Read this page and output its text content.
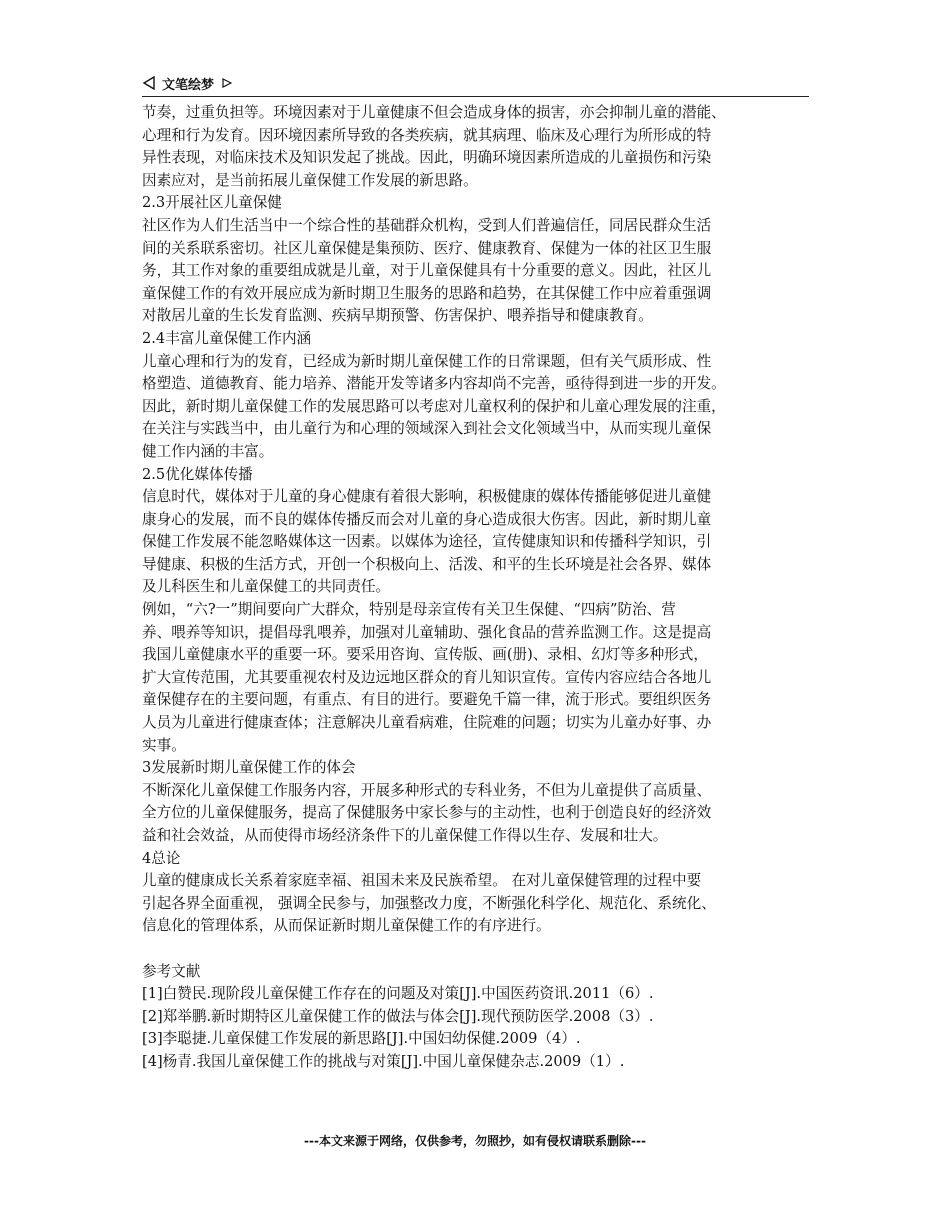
文笔绘梦
节奏，过重负担等。环境因素对于儿童健康不但会造成身体的损害，亦会抑制儿童的潜能、
心理和行为发育。因环境因素所导致的各类疾病，就其病理、临床及心理行为所形成的特
异性表现，对临床技术及知识发起了挑战。因此，明确环境因素所造成的儿童损伤和污染
因素应对，是当前拓展儿童保健工作发展的新思路。
2.3开展社区儿童保健
社区作为人们生活当中一个综合性的基础群众机构，受到人们普遍信任，同居民群众生活
间的关系联系密切。社区儿童保健是集预防、医疗、健康教育、保健为一体的社区卫生服
务，其工作对象的重要组成就是儿童，对于儿童保健具有十分重要的意义。因此，社区儿
童保健工作的有效开展应成为新时期卫生服务的思路和趋势，在其保健工作中应着重强调
对散居儿童的生长发育监测、疾病早期预警、伤害保护、喂养指导和健康教育。
2.4丰富儿童保健工作内涵
儿童心理和行为的发育，已经成为新时期儿童保健工作的日常课题，但有关气质形成、性
格塑造、道德教育、能力培养、潜能开发等诸多内容却尚不完善，亟待得到进一步的开发。
因此，新时期儿童保健工作的发展思路可以考虑对儿童权利的保护和儿童心理发展的注重，
在关注与实践当中，由儿童行为和心理的领域深入到社会文化领域当中，从而实现儿童保
健工作内涵的丰富。
2.5优化媒体传播
信息时代，媒体对于儿童的身心健康有着很大影响，积极健康的媒体传播能够促进儿童健
康身心的发展，而不良的媒体传播反而会对儿童的身心造成很大伤害。因此，新时期儿童
保健工作发展不能忽略媒体这一因素。以媒体为途径，宣传健康知识和传播科学知识，引
导健康、积极的生活方式，开创一个积极向上、活泼、和平的生长环境是社会各界、媒体
及儿科医生和儿童保健工的共同责任。
例如，“六?一”期间要向广大群众，特别是母亲宣传有关卫生保健、“四病”防治、营
养、喂养等知识，提倡母乳喂养，加强对儿童辅助、强化食品的营养监测工作。这是提高
我国儿童健康水平的重要一环。要采用咨询、宣传版、画(册)、录相、幻灯等多种形式，
扩大宣传范围，尤其要重视农村及边远地区群众的育儿知识宣传。宣传内容应结合各地儿
童保健存在的主要问题，有重点、有目的进行。要避免千篇一律，流于形式。要组织医务
人员为儿童进行健康查体；注意解决儿童看病难，住院难的问题；切实为儿童办好事、办
实事。
3发展新时期儿童保健工作的体会
不断深化儿童保健工作服务内容，开展多种形式的专科业务，不但为儿童提供了高质量、
全方位的儿童保健服务，提高了保健服务中家长参与的主动性，也利于创造良好的经济效
益和社会效益，从而使得市场经济条件下的儿童保健工作得以生存、发展和壮大。
4总论
儿童的健康成长关系着家庭幸福、祖国未来及民族希望。 在对儿童保健管理的过程中要
引起各界全面重视， 强调全民参与，加强整改力度，不断强化科学化、规范化、系统化、
信息化的管理体系，从而保证新时期儿童保健工作的有序进行。
参考文献
[1]白赞民.现阶段儿童保健工作存在的问题及对策[J].中国医药资讯.2011（6）.
[2]郑举鹏.新时期特区儿童保健工作的做法与体会[J].现代预防医学.2008（3）.
[3]李聪捷.儿童保健工作发展的新思路[J].中国妇幼保健.2009（4）.
[4]杨青.我国儿童保健工作的挑战与对策[J].中国儿童保健杂志.2009（1）.
---本文来源于网络，仅供参考，勿照抄，如有侵权请联系删除---
